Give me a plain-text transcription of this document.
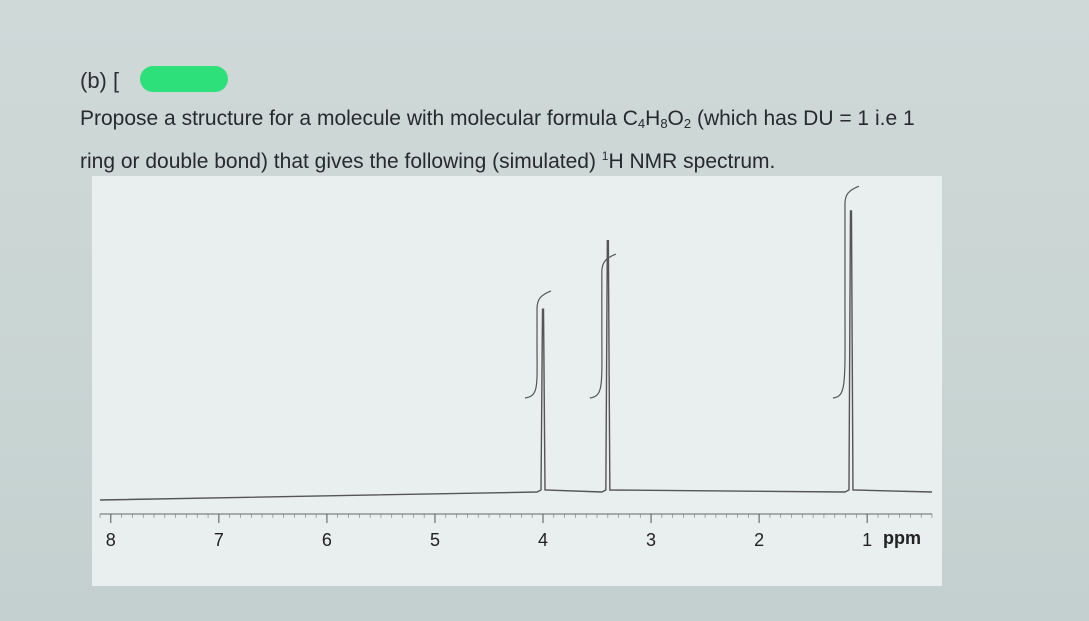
(b) [
Propose a structure for a molecule with molecular formula $C_4H_8O_2$ (which has DU = 1 i.e 1
ring or double bond) that gives the following (simulated) $^1$H NMR spectrum.
8	7	6	5	4	3	2	1 ppm
